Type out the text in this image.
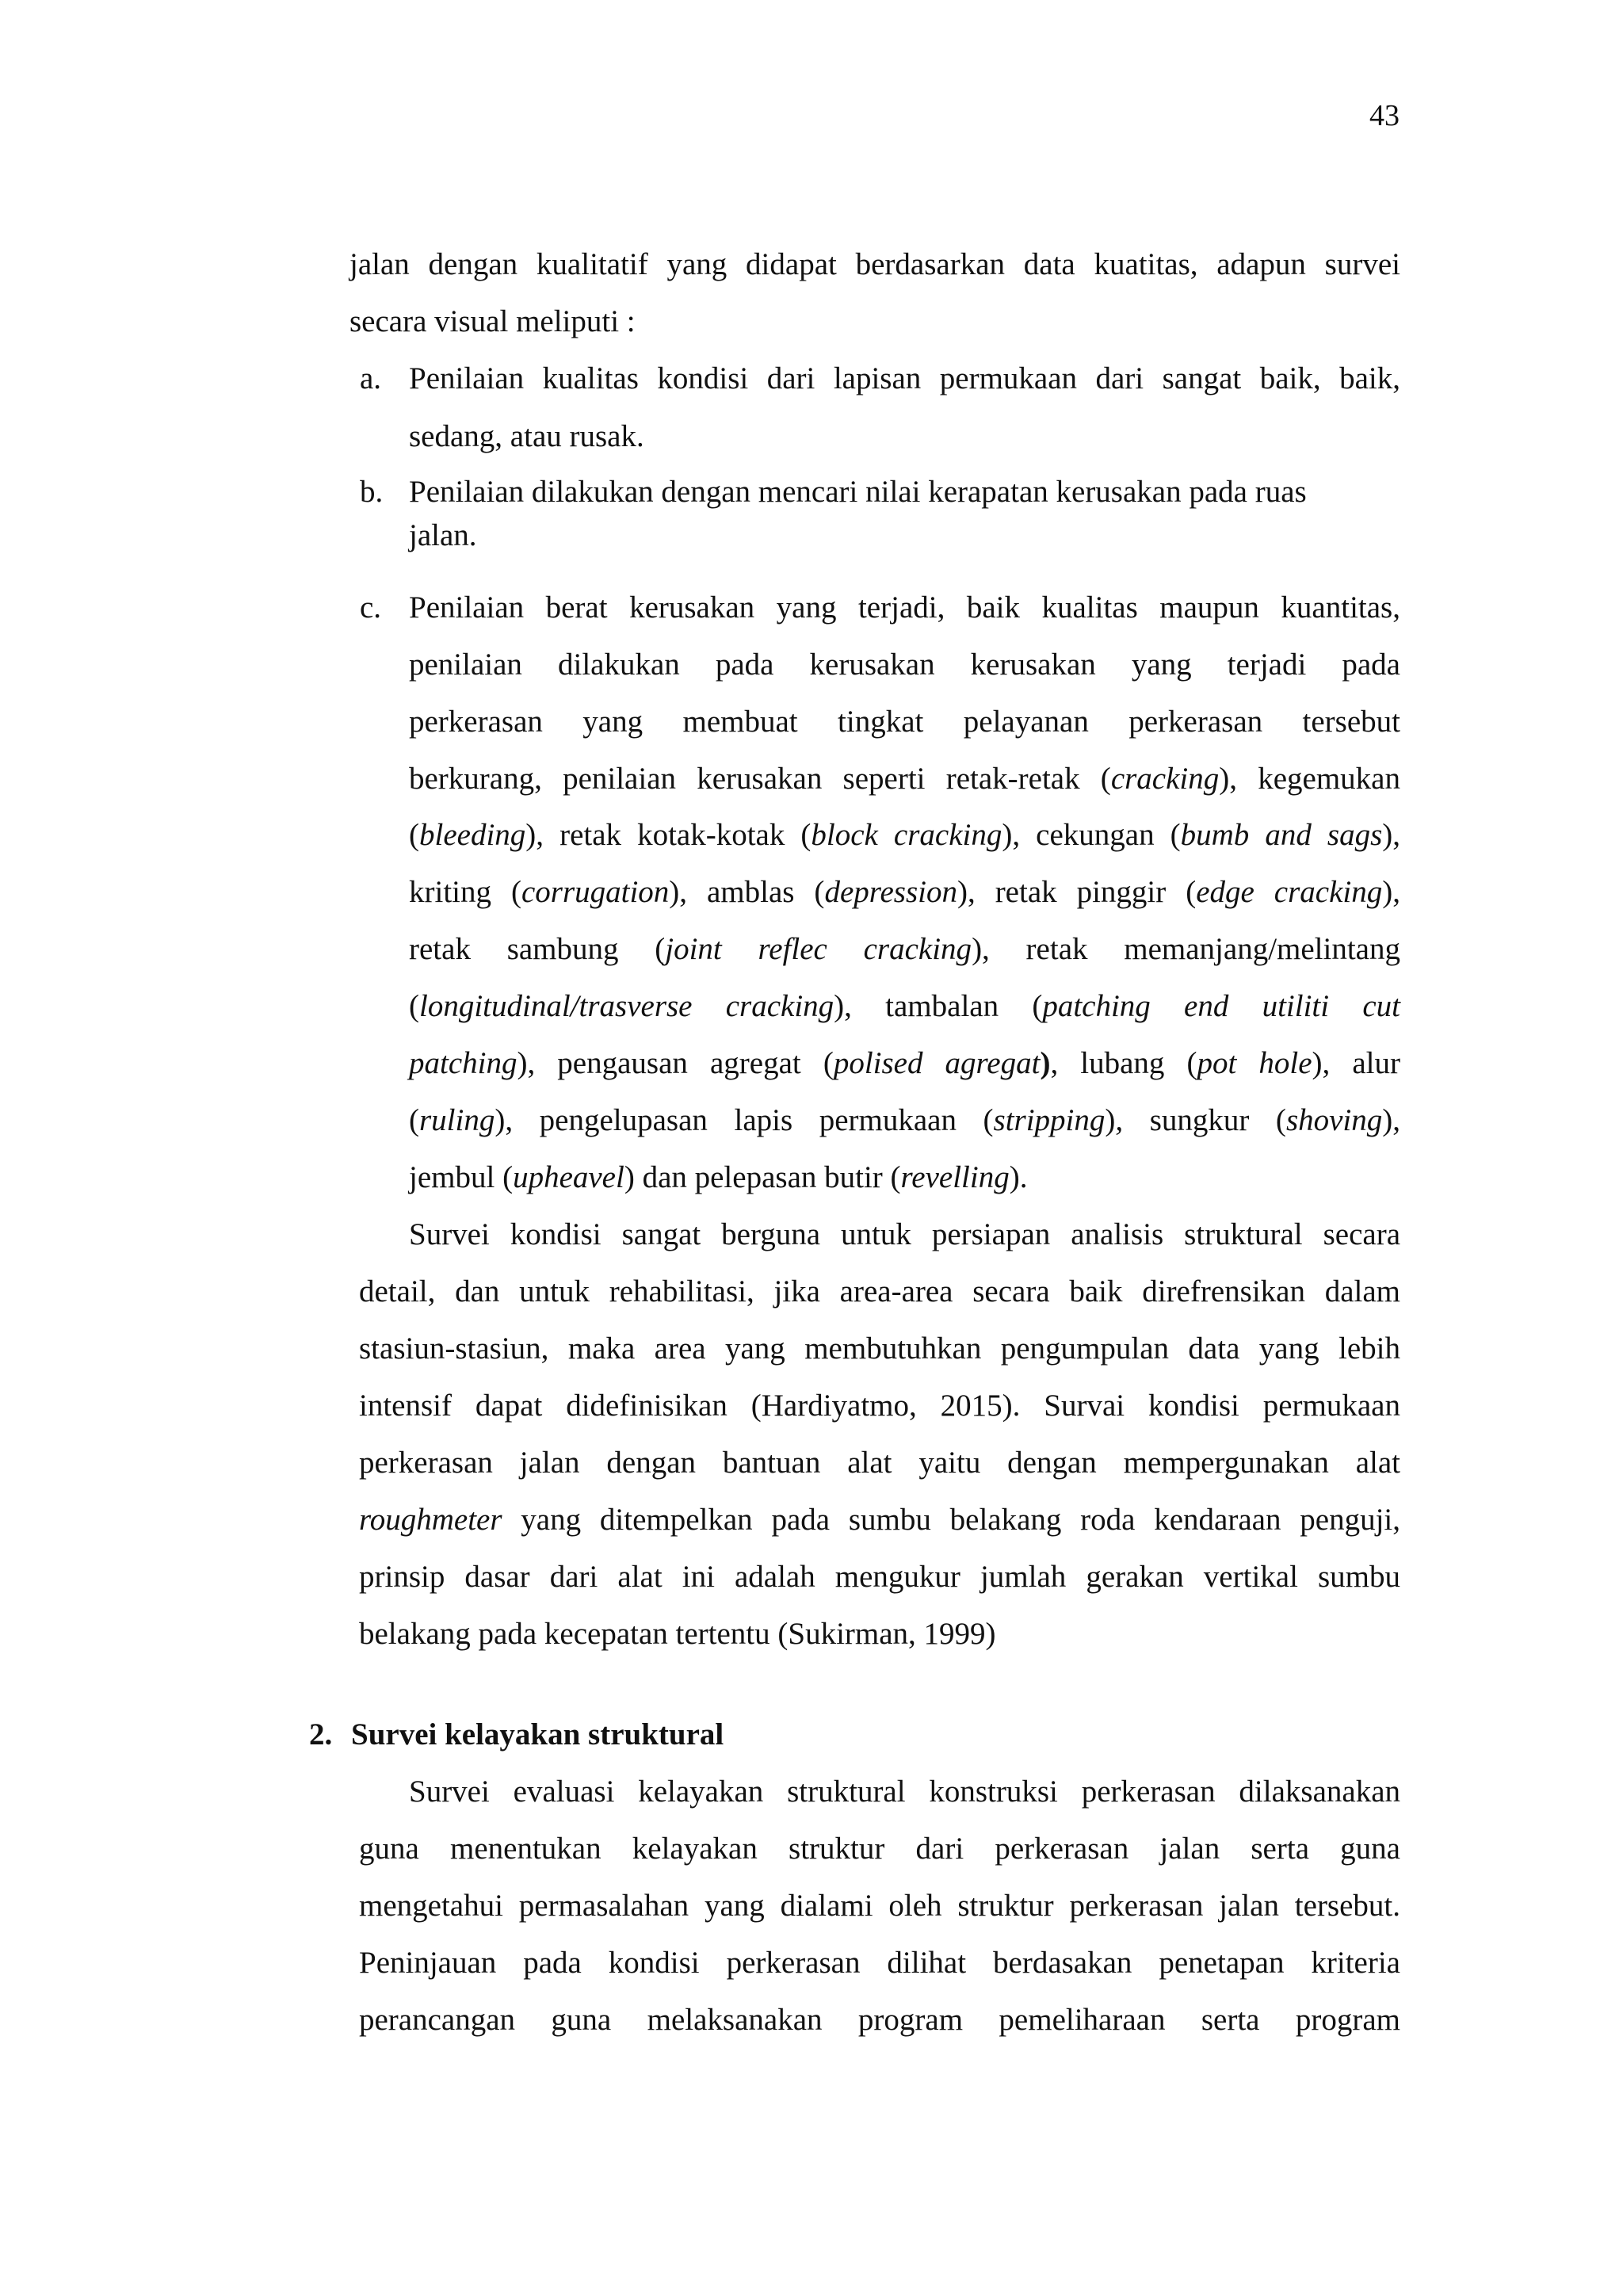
43
jalan dengan kualitatif yang didapat berdasarkan data kuatitas, adapun survei
secara visual meliputi :
a. Penilaian kualitas kondisi dari lapisan permukaan dari sangat baik, baik,
sedang, atau rusak.
b. Penilaian dilakukan dengan mencari nilai kerapatan kerusakan pada ruas
jalan.
c. Penilaian berat kerusakan yang terjadi, baik kualitas maupun kuantitas,
penilaian dilakukan pada kerusakan kerusakan yang terjadi pada
perkerasan yang membuat tingkat pelayanan perkerasan tersebut
berkurang, penilaian kerusakan seperti retak-retak (cracking), kegemukan
(bleeding), retak kotak-kotak (block cracking), cekungan (bumb and sags),
kriting (corrugation), amblas (depression), retak pinggir (edge cracking),
retak sambung (joint reflec cracking), retak memanjang/melintang
(longitudinal/trasverse cracking), tambalan (patching end utiliti cut
patching), pengausan agregat (polised agregat), lubang (pot hole), alur
(ruling), pengelupasan lapis permukaan (stripping), sungkur (shoving),
jembul (upheavel) dan pelepasan butir (revelling).
Survei kondisi sangat berguna untuk persiapan analisis struktural secara
detail, dan untuk rehabilitasi, jika area-area secara baik direfrensikan dalam
stasiun-stasiun, maka area yang membutuhkan pengumpulan data yang lebih
intensif dapat didefinisikan (Hardiyatmo, 2015). Survai kondisi permukaan
perkerasan jalan dengan bantuan alat yaitu dengan mempergunakan alat
roughmeter yang ditempelkan pada sumbu belakang roda kendaraan penguji,
prinsip dasar dari alat ini adalah mengukur jumlah gerakan vertikal sumbu
belakang pada kecepatan tertentu (Sukirman, 1999)
2. Survei kelayakan struktural
Survei evaluasi kelayakan struktural konstruksi perkerasan dilaksanakan
guna menentukan kelayakan struktur dari perkerasan jalan serta guna
mengetahui permasalahan yang dialami oleh struktur perkerasan jalan tersebut.
Peninjauan pada kondisi perkerasan dilihat berdasakan penetapan kriteria
perancangan guna melaksanakan program pemeliharaan serta program
